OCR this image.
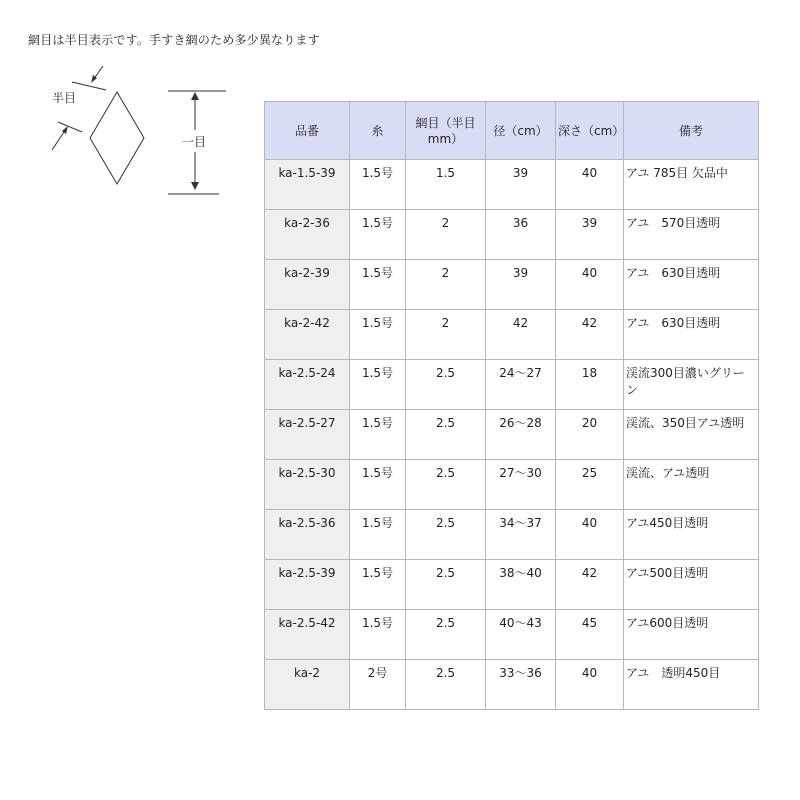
網目は半目表示です。手すき網のため多少異なります
半目
一目
品番	糸	網目（半目mm）	径（cm）	深さ（cm）	備考
ka-1.5-39	1.5号	1.5	39	40	アユ 785目 欠品中
ka-2-36	1.5号	2	36	39	アユ　570目透明
ka-2-39	1.5号	2	39	40	アユ　630目透明
ka-2-42	1.5号	2	42	42	アユ　630目透明
ka-2.5-24	1.5号	2.5	24～27	18	渓流300目濃いグリーン
ka-2.5-27	1.5号	2.5	26～28	20	渓流、350目アユ透明
ka-2.5-30	1.5号	2.5	27～30	25	渓流、アユ透明
ka-2.5-36	1.5号	2.5	34～37	40	アユ450目透明
ka-2.5-39	1.5号	2.5	38～40	42	アユ500目透明
ka-2.5-42	1.5号	2.5	40～43	45	アユ600目透明
ka-2	2号	2.5	33～36	40	アユ　透明450目
